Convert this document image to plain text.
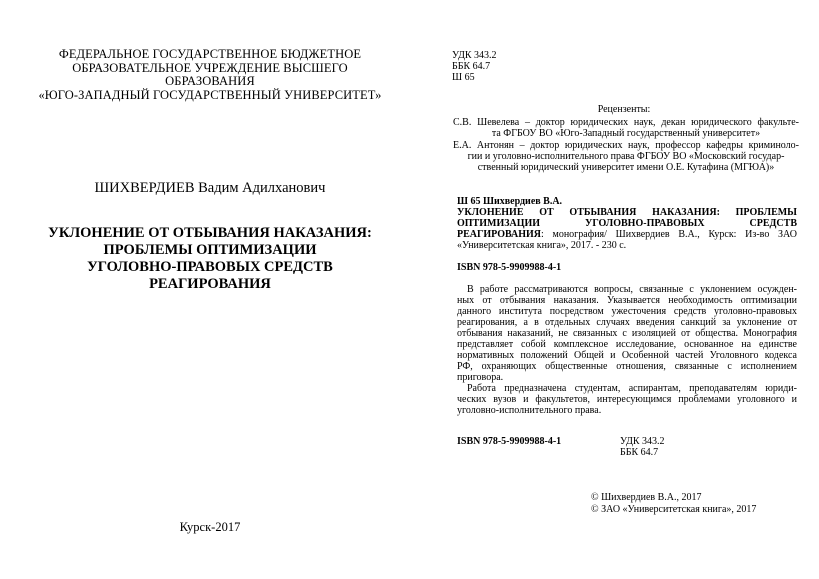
ФЕДЕРАЛЬНОЕ ГОСУДАРСТВЕННОЕ БЮДЖЕТНОЕ
ОБРАЗОВАТЕЛЬНОЕ УЧРЕЖДЕНИЕ ВЫСШЕГО
ОБРАЗОВАНИЯ
«ЮГО-ЗАПАДНЫЙ ГОСУДАРСТВЕННЫЙ УНИВЕРСИТЕТ»
ШИХВЕРДИЕВ Вадим Адилханович
УКЛОНЕНИЕ ОТ ОТБЫВАНИЯ НАКАЗАНИЯ:
ПРОБЛЕМЫ ОПТИМИЗАЦИИ
УГОЛОВНО-ПРАВОВЫХ СРЕДСТВ
РЕАГИРОВАНИЯ
Курск-2017
УДК 343.2
ББК 64.7
Ш 65
Рецензенты:
С.В. Шевелева – доктор юридических наук, декан юридического факульте-
та ФГБОУ ВО «Юго-Западный государственный университет»
Е.А. Антонян – доктор юридических наук, профессор кафедры криминоло-
гии и уголовно-исполнительного права ФГБОУ ВО «Московский государ-
ственный юридический университет имени О.Е. Кутафина (МГЮА)»
Ш 65 Шихвердиев В.А.
УКЛОНЕНИЕ ОТ ОТБЫВАНИЯ НАКАЗАНИЯ: ПРОБЛЕМЫ
ОПТИМИЗАЦИИ УГОЛОВНО-ПРАВОВЫХ СРЕДСТВ
РЕАГИРОВАНИЯ: монография/ Шихвердиев В.А., Курск: Из-во ЗАО
«Университетская книга», 2017. - 230 с.
ISBN 978-5-9909988-4-1
В работе рассматриваются вопросы, связанные с уклонением осужден-
ных от отбывания наказания. Указывается необходимость оптимизации
данного института посредством ужесточения средств уголовно-правовых
реагирования, а в отдельных случаях введения санкций за уклонение от
отбывания наказаний, не связанных с изоляцией от общества. Монография
представляет собой комплексное исследование, основанное на единстве
нормативных положений Общей и Особенной частей Уголовного кодекса
РФ, охраняющих общественные отношения, связанные с исполнением
приговора.
Работа предназначена студентам, аспирантам, преподавателям юриди-
ческих вузов и факультетов, интересующимся проблемами уголовного и
уголовно-исполнительного права.
ISBN 978-5-9909988-4-1	УДК 343.2
ББК 64.7
© Шихвердиев В.А., 2017
© ЗАО «Университетская книга», 2017
